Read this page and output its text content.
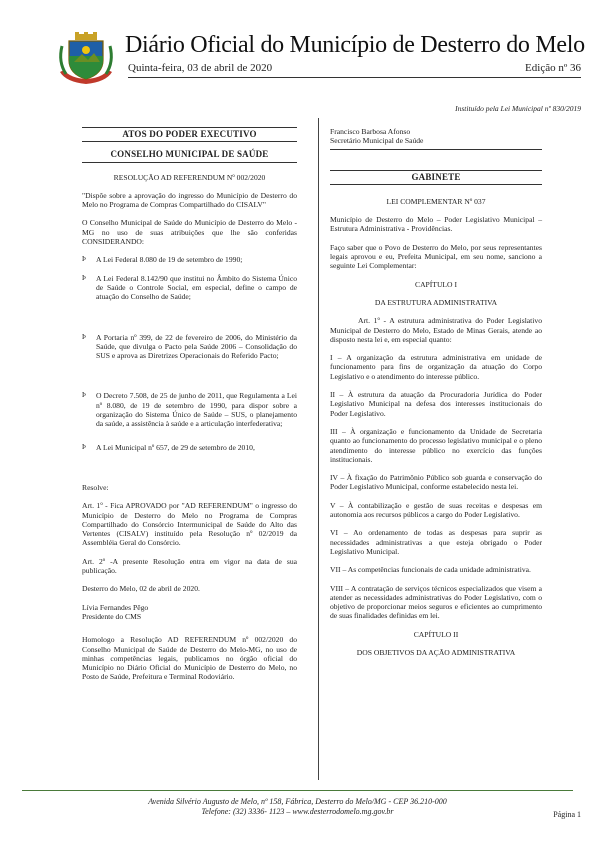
Diário Oficial do Município de Desterro do Melo
Quinta-feira, 03 de abril de 2020	Edição nº 36
Instituído pela Lei Municipal nº 830/2019

ATOS DO PODER EXECUTIVO

CONSELHO MUNICIPAL DE SAÚDE

RESOLUÇÃO AD REFERENDUM Nº 002/2020

"Dispõe sobre a aprovação do ingresso do Município de Desterro do Melo no Programa de Compras Compartilhado do CISALV"

O Conselho Municipal de Saúde do Município de Desterro do Melo - MG no uso de suas atribuições que lhe são conferidas CONSIDERANDO:

Þ	A Lei Federal 8.080 de 19 de setembro de 1990;
Þ	A Lei Federal 8.142/90 que institui no Âmbito do Sistema Único de Saúde o Controle Social, em especial, define o campo de atuação do Conselho de Saúde;
Þ	A Portaria nº 399, de 22 de fevereiro de 2006, do Ministério da Saúde, que divulga o Pacto pela Saúde 2006 – Consolidação do SUS e aprova as Diretrizes Operacionais do Referido Pacto;
Þ	O Decreto 7.508, de 25 de junho de 2011, que Regulamenta a Lei nº 8.080, de 19 de setembro de 1990, para dispor sobre a organização do Sistema Único de Saúde – SUS, o planejamento da saúde, a assistência à saúde e a articulação interfederativa;
Þ	A Lei Municipal nº 657, de 29 de setembro de 2010,

Resolve:

Art. 1º - Fica APROVADO por "AD REFERENDUM" o ingresso do Município de Desterro do Melo no Programa de Compras Compartilhado do Consórcio Intermunicipal de Saúde do Alto das Vertentes (CISALV) instituído pela Resolução nº 02/2019 da Assembléia Geral do Consórcio.

Art. 2º -A presente Resolução entra em vigor na data de sua publicação.

Desterro do Melo, 02 de abril de 2020.

Lívia Fernandes Pêgo

Presidente do CMS

Homologo a Resolução AD REFERENDUM nº 002/2020 do Conselho Municipal de Saúde de Desterro do Melo-MG, no uso de minhas competências legais, publicamos no órgão oficial do Município no Diário Oficial do Município de Desterro do Melo, no Posto de Saúde, Prefeitura e Terminal Rodoviário.

Francisco Barbosa Afonso

Secretário Municipal de Saúde

GABINETE

LEI COMPLEMENTAR Nº 037

Município de Desterro do Melo – Poder Legislativo Municipal – Estrutura Administrativa - Providências.

Faço saber que o Povo de Desterro do Melo, por seus representantes legais aprovou e eu, Prefeita Municipal, em seu nome, sanciono a seguinte Lei Complementar:

CAPÍTULO I

DA ESTRUTURA ADMINISTRATIVA

Art. 1º - A estrutura administrativa do Poder Legislativo Municipal de Desterro do Melo, Estado de Minas Gerais, atende ao disposto nesta lei e, em especial quanto:

I – A organização da estrutura administrativa em unidade de funcionamento para fins de organização da atuação do Corpo Legislativo e o atendimento do interesse público.

II – À estrutura da atuação da Procuradoria Jurídica do Poder Legislativo Municipal na defesa dos interesses institucionais do Poder Legislativo.

III – À organização e funcionamento da Unidade de Secretaria quanto ao funcionamento do processo legislativo municipal e o pleno atendimento do interesse público no exercício das funções institucionais.

IV – À fixação do Patrimônio Público sob guarda e conservação do Poder Legislativo Municipal, conforme estabelecido nesta lei.

V – À contabilização e gestão de suas receitas e despesas em autonomia aos recursos públicos a cargo do Poder Legislativo.

VI – Ao ordenamento de todas as despesas para suprir as necessidades administrativas a que esteja obrigado o Poder Legislativo Municipal.

VII – As competências funcionais de cada unidade administrativa.

VIII – A contratação de serviços técnicos especializados que visem a atender as necessidades administrativas do Poder Legislativo, com o objetivo de proporcionar meios seguros e eficientes ao cumprimento de suas finalidades definidas em lei.

CAPÍTULO II

DOS OBJETIVOS DA AÇÃO ADMINISTRATIVA

Avenida Silvério Augusto de Melo, nº 158, Fábrica, Desterro do Melo/MG - CEP 36.210-000
Telefone: (32) 3336- 1123 – www.desterrodomelo.mg.gov.br	Página 1
